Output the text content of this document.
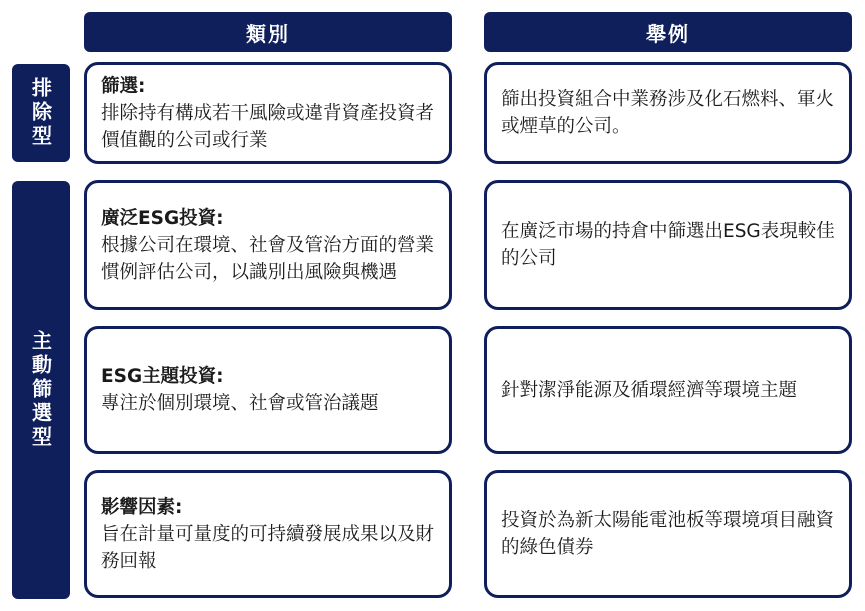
類別	舉例
排除型
主動篩選型
篩選:
排除持有構成若干風險或違背資產投資者價值觀的公司或行業
篩出投資組合中業務涉及化石燃料、軍火或煙草的公司。
廣泛ESG投資:
根據公司在環境、社會及管治方面的營業慣例評估公司，以識別出風險與機遇
在廣泛市場的持倉中篩選出ESG表現較佳的公司
ESG主題投資:
專注於個別環境、社會或管治議題
針對潔淨能源及循環經濟等環境主題
影響因素:
旨在計量可量度的可持續發展成果以及財務回報
投資於為新太陽能電池板等環境項目融資的綠色債券
